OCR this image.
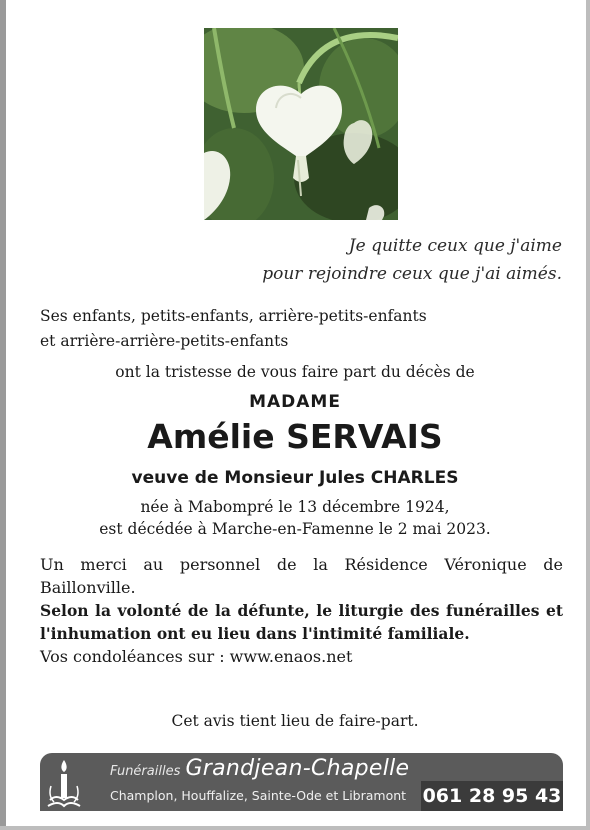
Je quitte ceux que j'aime
pour rejoindre ceux que j'ai aimés.
Ses enfants, petits-enfants, arrière-petits-enfants
et arrière-arrière-petits-enfants
ont la tristesse de vous faire part du décès de
MADAME
Amélie SERVAIS
veuve de Monsieur Jules CHARLES
née à Mabompré le 13 décembre 1924,
est décédée à Marche-en-Famenne le 2 mai 2023.

Un merci au personnel de la Résidence Véronique de Baillonville.

Selon la volonté de la défunte, le liturgie des funérailles et l'inhumation ont eu lieu dans l'intimité familiale.

Vos condoléances sur : www.enaos.net

Cet avis tient lieu de faire-part.
Funérailles Grandjean-Chapelle
Champlon, Houffalize, Sainte-Ode et Libramont 061 28 95 43
